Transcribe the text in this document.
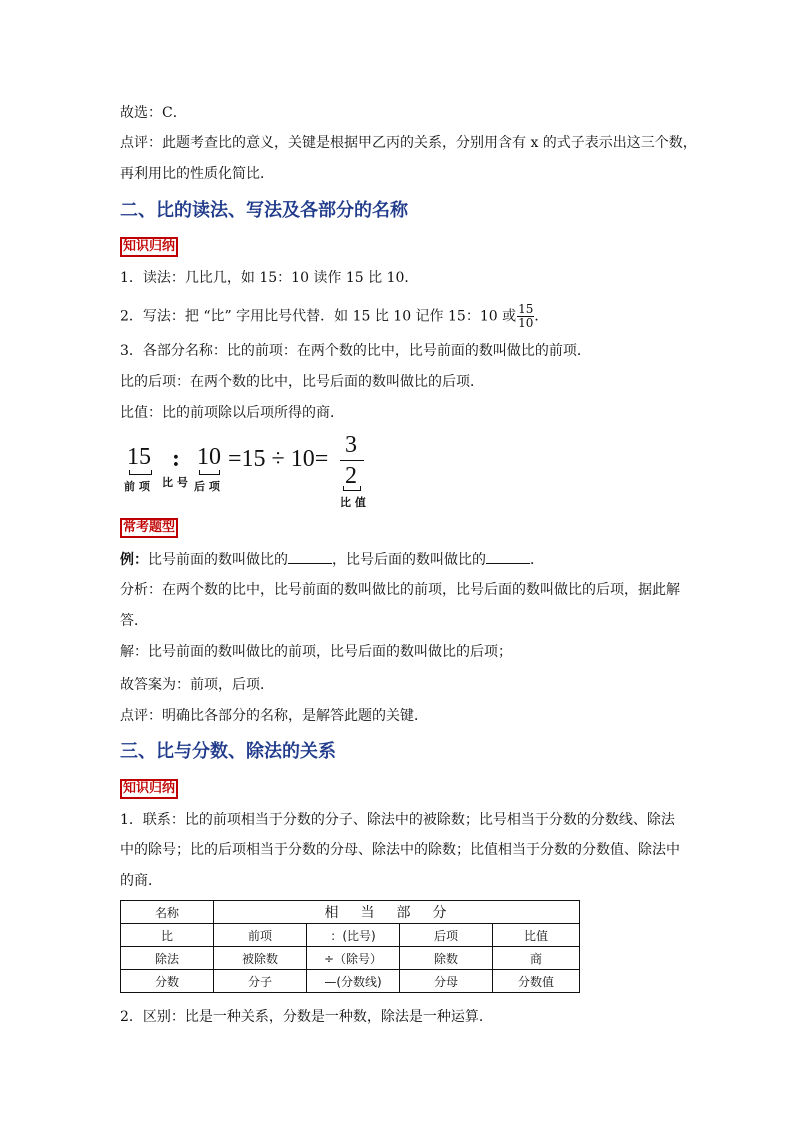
故选：C．
点评：此题考查比的意义，关键是根据甲乙丙的关系，分别用含有 x 的式子表示出这三个数，
再利用比的性质化简比．
二、比的读法、写法及各部分的名称
知识归纳
1．读法：几比几，如 15：10 读作 15 比 10．
2．写法：把 “比” 字用比号代替．如 15 比 10 记作 15：10 或 $\frac{15}{10}$ ．
3．各部分名称：比的前项：在两个数的比中，比号前面的数叫做比的前项．
比的后项：在两个数的比中，比号后面的数叫做比的后项．
比值：比的前项除以后项所得的商．
15
前 项
:
比 号
10
后 项
=15 ÷ 10=
3
2
比 值
常考题型
例：比号前面的数叫做比的	，比号后面的数叫做比的	．
分析：在两个数的比中，比号前面的数叫做比的前项，比号后面的数叫做比的后项，据此解
答．
解：比号前面的数叫做比的前项，比号后面的数叫做比的后项；
故答案为：前项，后项．
点评：明确比各部分的名称，是解答此题的关键．
三、比与分数、除法的关系
知识归纳
1．联系：比的前项相当于分数的分子、除法中的被除数；比号相当于分数的分数线、除法
中的除号；比的后项相当于分数的分母、除法中的除数；比值相当于分数的分数值、除法中
的商．
名称	相当部分			
比	前项	：(比号)	后项	比值
除法	被除数	÷（除号）	除数	商
分数	分子	—(分数线)	分母	分数值
2．区别：比是一种关系，分数是一种数，除法是一种运算．
